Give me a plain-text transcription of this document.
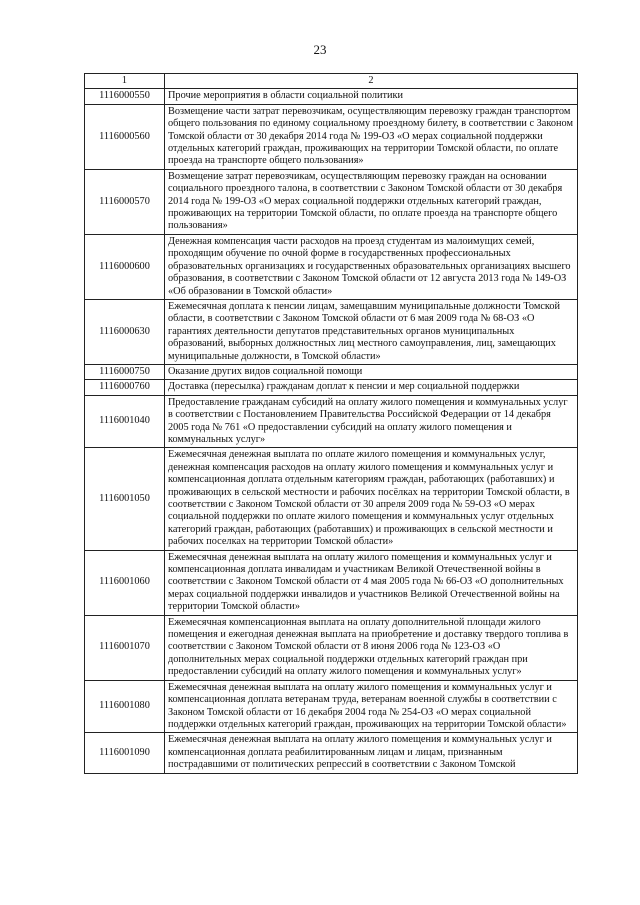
23
1	2
1116000550	Прочие мероприятия в области социальной политики
1116000560	Возмещение части затрат перевозчикам, осуществляющим перевозку граждан транспортом общего пользования по единому социальному проездному билету, в соответствии с Законом Томской области от 30 декабря 2014 года № 199-ОЗ «О мерах социальной поддержки отдельных категорий граждан, проживающих на территории Томской области, по оплате проезда на транспорте общего пользования»
1116000570	Возмещение затрат перевозчикам, осуществляющим перевозку граждан на основании социального проездного талона, в соответствии с Законом Томской области от 30 декабря 2014 года № 199-ОЗ «О мерах социальной поддержки отдельных категорий граждан, проживающих на территории Томской области, по оплате проезда на транспорте общего пользования»
1116000600	Денежная компенсация части расходов на проезд студентам из малоимущих семей, проходящим обучение по очной форме в государственных профессиональных образовательных организациях и государственных образовательных организациях высшего образования, в соответствии с Законом Томской области от 12 августа 2013 года № 149-ОЗ «Об образовании в Томской области»
1116000630	Ежемесячная доплата к пенсии лицам, замещавшим муниципальные должности Томской области, в соответствии с Законом Томской области от 6 мая 2009 года № 68-ОЗ «О гарантиях деятельности депутатов представительных органов муниципальных образований, выборных должностных лиц местного самоуправления, лиц, замещающих муниципальные должности, в Томской области»
1116000750	Оказание других видов социальной помощи
1116000760	Доставка (пересылка) гражданам доплат к пенсии и мер социальной поддержки
1116001040	Предоставление гражданам субсидий на оплату жилого помещения и коммунальных услуг в соответствии с Постановлением Правительства Российской Федерации от 14 декабря 2005 года № 761 «О предоставлении субсидий на оплату жилого помещения и коммунальных услуг»
1116001050	Ежемесячная денежная выплата по оплате жилого помещения и коммунальных услуг, денежная компенсация расходов на оплату жилого помещения и коммунальных услуг и компенсационная доплата отдельным категориям граждан, работающих (работавших) и проживающих в сельской местности и рабочих посёлках на территории Томской области, в соответствии с Законом Томской области от 30 апреля 2009 года № 59-ОЗ «О мерах социальной поддержки по оплате жилого помещения и коммунальных услуг отдельных категорий граждан, работающих (работавших) и проживающих в сельской местности и рабочих поселках на территории Томской области»
1116001060	Ежемесячная денежная выплата на оплату жилого помещения и коммунальных услуг и компенсационная доплата инвалидам и участникам Великой Отечественной войны в соответствии с Законом Томской области от 4 мая 2005 года № 66-ОЗ «О дополнительных мерах социальной поддержки инвалидов и участников Великой Отечественной войны на территории Томской области»
1116001070	Ежемесячная компенсационная выплата на оплату дополнительной площади жилого помещения и ежегодная денежная выплата на приобретение и доставку твердого топлива в соответствии с Законом Томской области от 8 июня 2006 года № 123-ОЗ «О дополнительных мерах социальной поддержки отдельных категорий граждан при предоставлении субсидий на оплату жилого помещения и коммунальных услуг»
1116001080	Ежемесячная денежная выплата на оплату жилого помещения и коммунальных услуг и компенсационная доплата ветеранам труда, ветеранам военной службы в соответствии с Законом Томской области от 16 декабря 2004 года № 254-ОЗ «О мерах социальной поддержки отдельных категорий граждан, проживающих на территории Томской области»
1116001090	Ежемесячная денежная выплата на оплату жилого помещения и коммунальных услуг и компенсационная доплата реабилитированным лицам и лицам, признанным пострадавшими от политических репрессий в соответствии с Законом Томской
